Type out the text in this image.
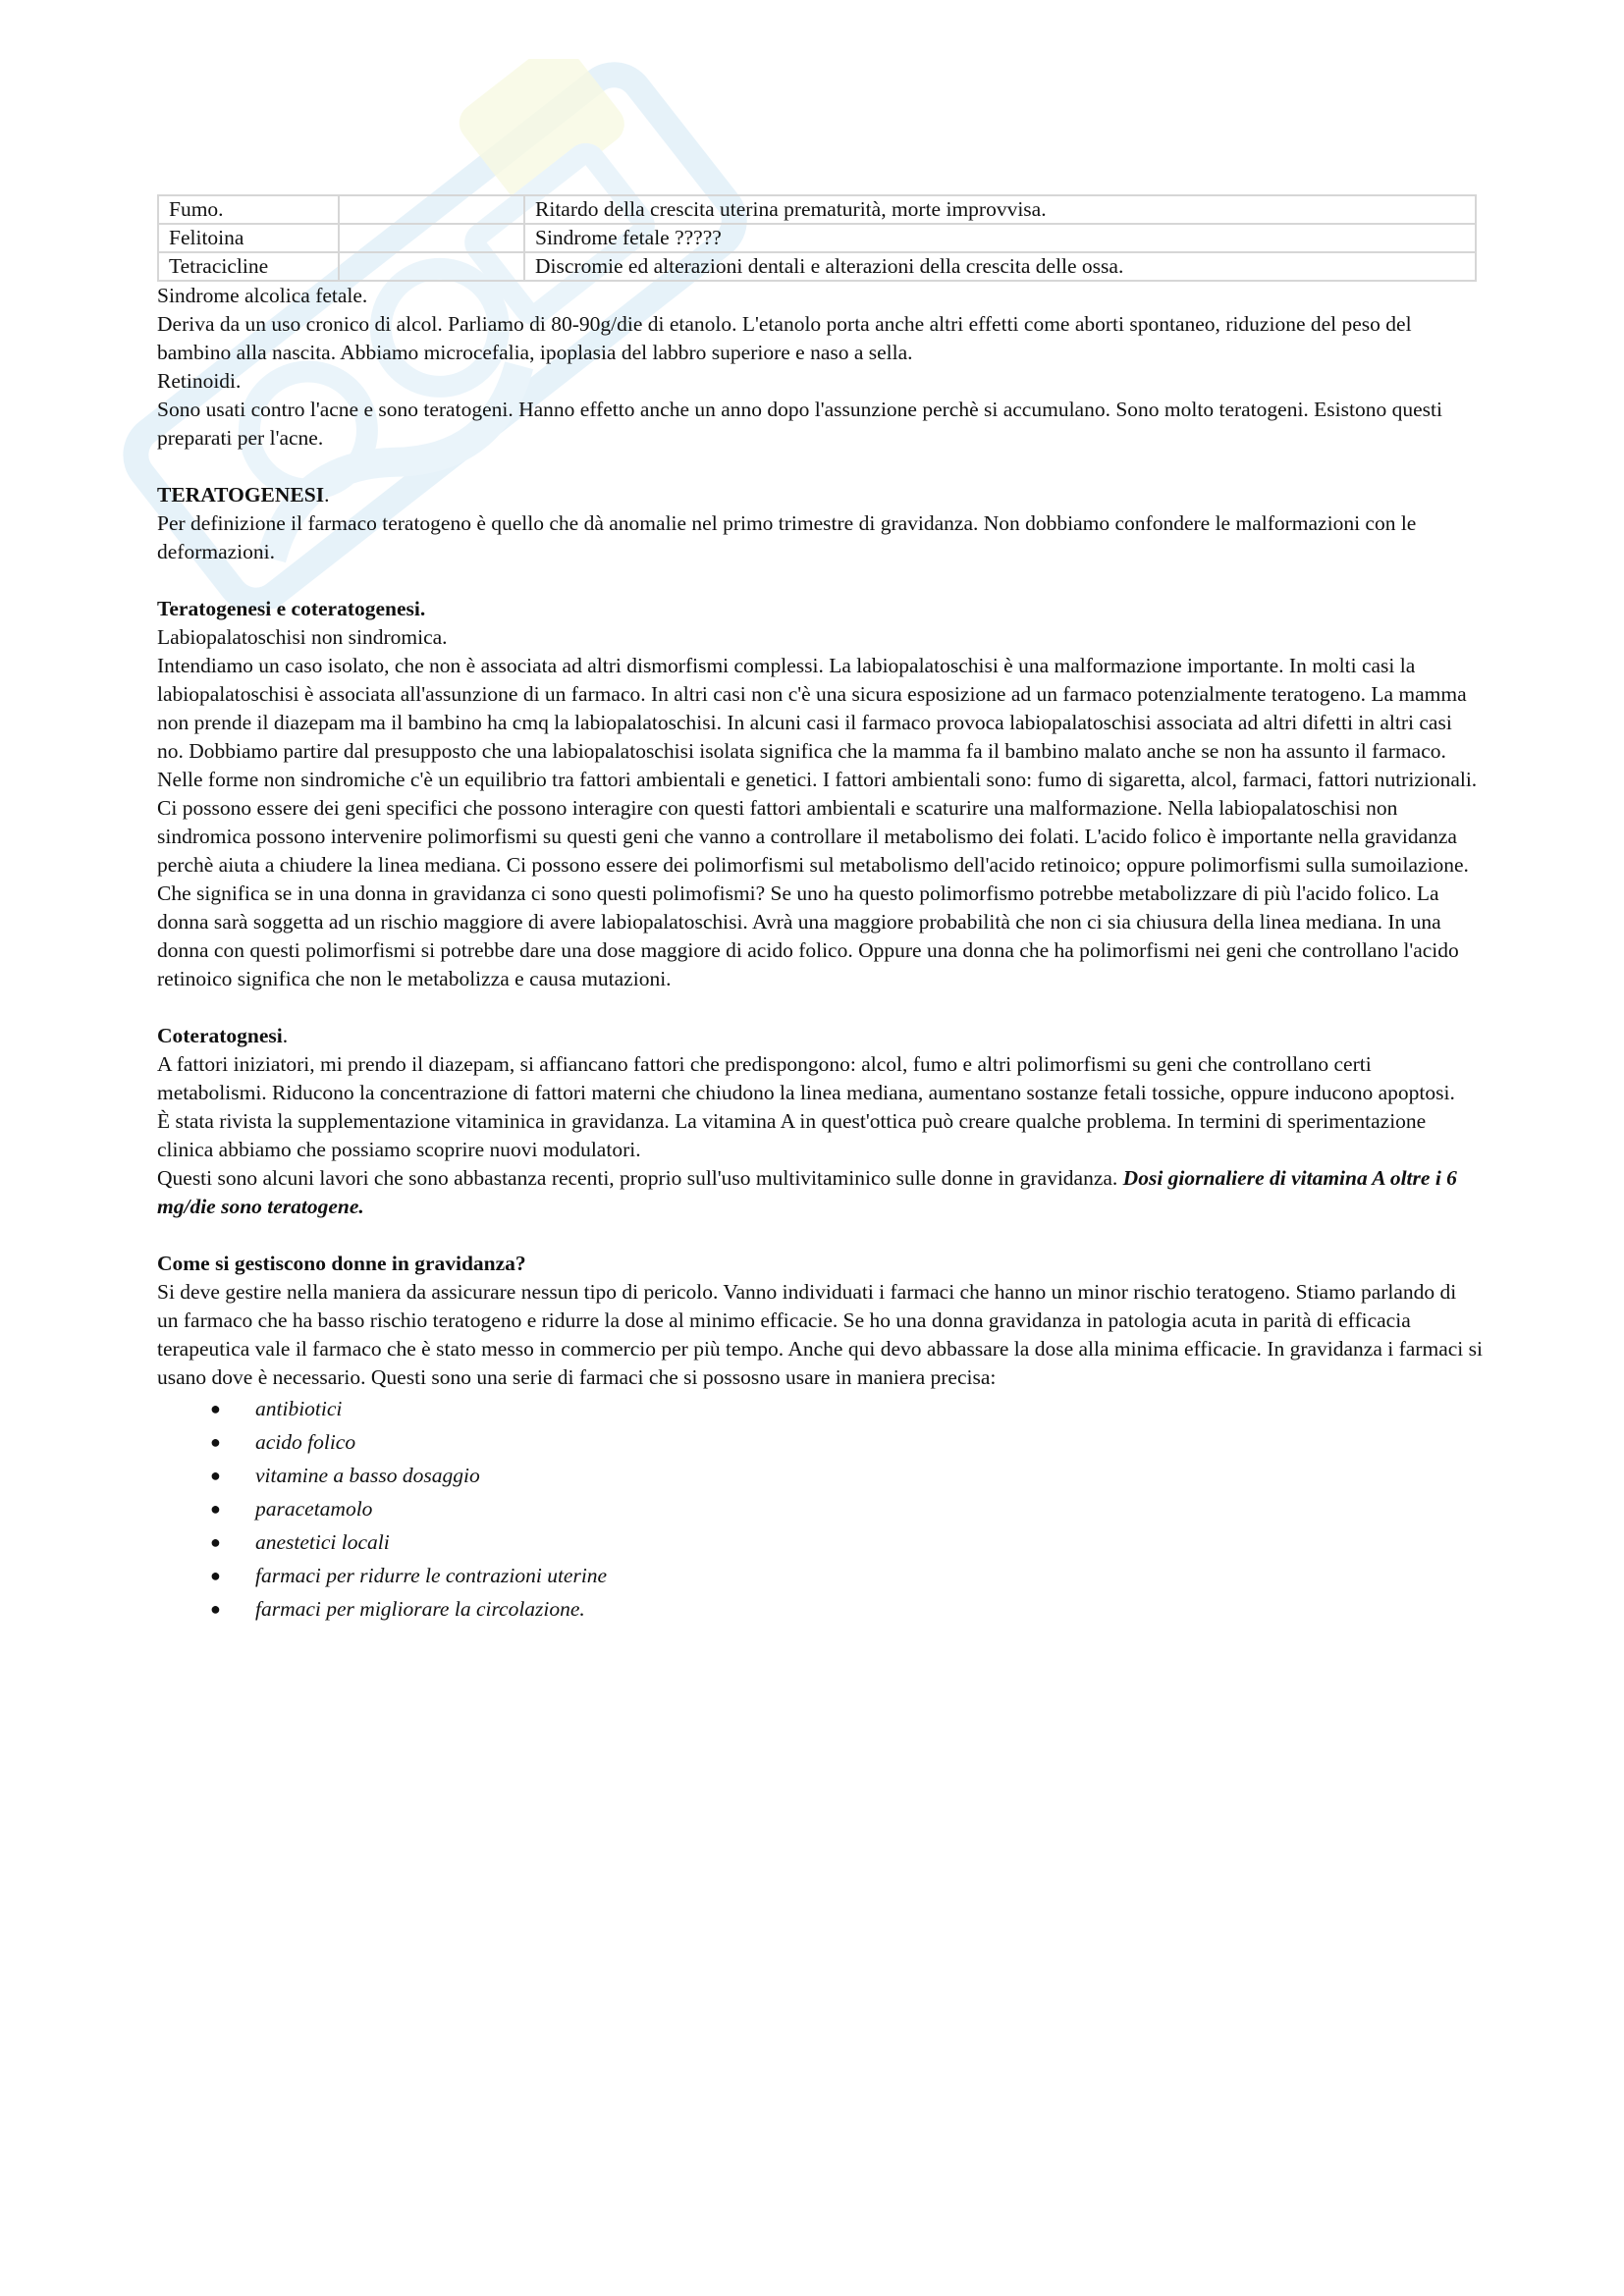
Fumo.		Ritardo della crescita uterina prematurità, morte improvvisa.
Felitoina		Sindrome fetale ?????
Tetracicline		Discromie ed alterazioni dentali e alterazioni della crescita delle ossa.

Sindrome alcolica fetale.

Deriva da un uso cronico di alcol. Parliamo di 80-90g/die di etanolo. L'etanolo porta anche altri effetti come aborti spontaneo, riduzione del peso del bambino alla nascita. Abbiamo microcefalia, ipoplasia del labbro superiore e naso a sella.

Retinoidi.

Sono usati contro l'acne e sono teratogeni. Hanno effetto anche un anno dopo l'assunzione perchè si accumulano. Sono molto teratogeni. Esistono questi preparati per l'acne.

TERATOGENESI.

Per definizione il farmaco teratogeno è quello che dà anomalie nel primo trimestre di gravidanza. Non dobbiamo confondere le malformazioni con le deformazioni.

Teratogenesi e coteratogenesi.

Labiopalatoschisi non sindromica.

Intendiamo un caso isolato, che non è associata ad altri dismorfismi complessi. La labiopalatoschisi è una malformazione importante. In molti casi la labiopalatoschisi è associata all'assunzione di un farmaco. In altri casi non c'è una sicura esposizione ad un farmaco potenzialmente teratogeno. La mamma non prende il diazepam ma il bambino ha cmq la labiopalatoschisi. In alcuni casi il farmaco provoca labiopalatoschisi associata ad altri difetti in altri casi no. Dobbiamo partire dal presupposto che una labiopalatoschisi isolata significa che la mamma fa il bambino malato anche se non ha assunto il farmaco. Nelle forme non sindromiche c'è un equilibrio tra fattori ambientali e genetici. I fattori ambientali sono: fumo di sigaretta, alcol, farmaci, fattori nutrizionali. Ci possono essere dei geni specifici che possono interagire con questi fattori ambientali e scaturire una malformazione. Nella labiopalatoschisi non sindromica possono intervenire polimorfismi su questi geni che vanno a controllare il metabolismo dei folati. L'acido folico è importante nella gravidanza perchè aiuta a chiudere la linea mediana. Ci possono essere dei polimorfismi sul metabolismo dell'acido retinoico; oppure polimorfismi sulla sumoilazione. Che significa se in una donna in gravidanza ci sono questi polimofismi? Se uno ha questo polimorfismo potrebbe metabolizzare di più l'acido folico. La donna sarà soggetta ad un rischio maggiore di avere labiopalatoschisi. Avrà una maggiore probabilità che non ci sia chiusura della linea mediana. In una donna con questi polimorfismi si potrebbe dare una dose maggiore di acido folico. Oppure una donna che ha polimorfismi nei geni che controllano l'acido retinoico significa che non le metabolizza e causa mutazioni.

Coteratognesi.

A fattori iniziatori, mi prendo il diazepam, si affiancano fattori che predispongono: alcol, fumo e altri polimorfismi su geni che controllano certi metabolismi. Riducono la concentrazione di fattori materni che chiudono la linea mediana, aumentano sostanze fetali tossiche, oppure inducono apoptosi.

È stata rivista la supplementazione vitaminica in gravidanza. La vitamina A in quest'ottica può creare qualche problema. In termini di sperimentazione clinica abbiamo che possiamo scoprire nuovi modulatori.

Questi sono alcuni lavori che sono abbastanza recenti, proprio sull'uso multivitaminico sulle donne in gravidanza. Dosi giornaliere di vitamina A oltre i 6 mg/die sono teratogene.

Come si gestiscono donne in gravidanza?

Si deve gestire nella maniera da assicurare nessun tipo di pericolo. Vanno individuati i farmaci che hanno un minor rischio teratogeno. Stiamo parlando di un farmaco che ha basso rischio teratogeno e ridurre la dose al minimo efficacie. Se ho una donna gravidanza in patologia acuta in parità di efficacia terapeutica vale il farmaco che è stato messo in commercio per più tempo. Anche qui devo abbassare la dose alla minima efficacie. In gravidanza i farmaci si usano dove è necessario. Questi sono una serie di farmaci che si possosno usare in maniera precisa:

● antibiotici
● acido folico
● vitamine a basso dosaggio
● paracetamolo
● anestetici locali
● farmaci per ridurre le contrazioni uterine
● farmaci per migliorare la circolazione.
